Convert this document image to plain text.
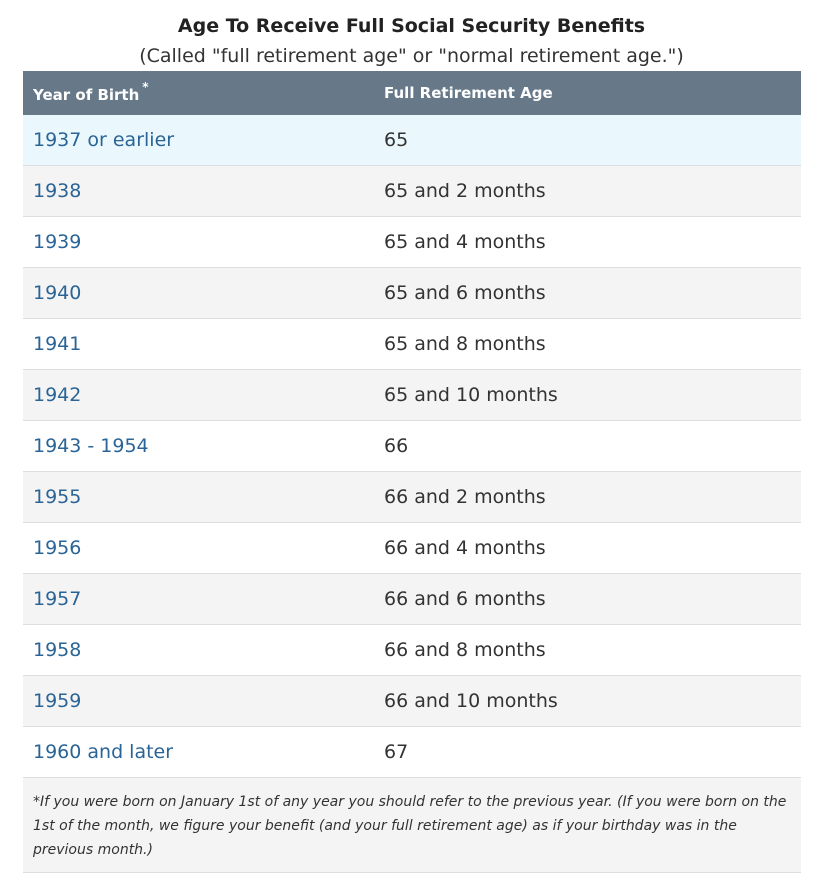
Age To Receive Full Social Security Benefits
(Called "full retirement age" or "normal retirement age.")
Year of Birth *	Full Retirement Age
1937 or earlier	65
1938	65 and 2 months
1939	65 and 4 months
1940	65 and 6 months
1941	65 and 8 months
1942	65 and 10 months
1943 - 1954	66
1955	66 and 2 months
1956	66 and 4 months
1957	66 and 6 months
1958	66 and 8 months
1959	66 and 10 months
1960 and later	67
*If you were born on January 1st of any year you should refer to the previous year. (If you were born on the 1st of the month, we figure your benefit (and your full retirement age) as if your birthday was in the previous month.)
